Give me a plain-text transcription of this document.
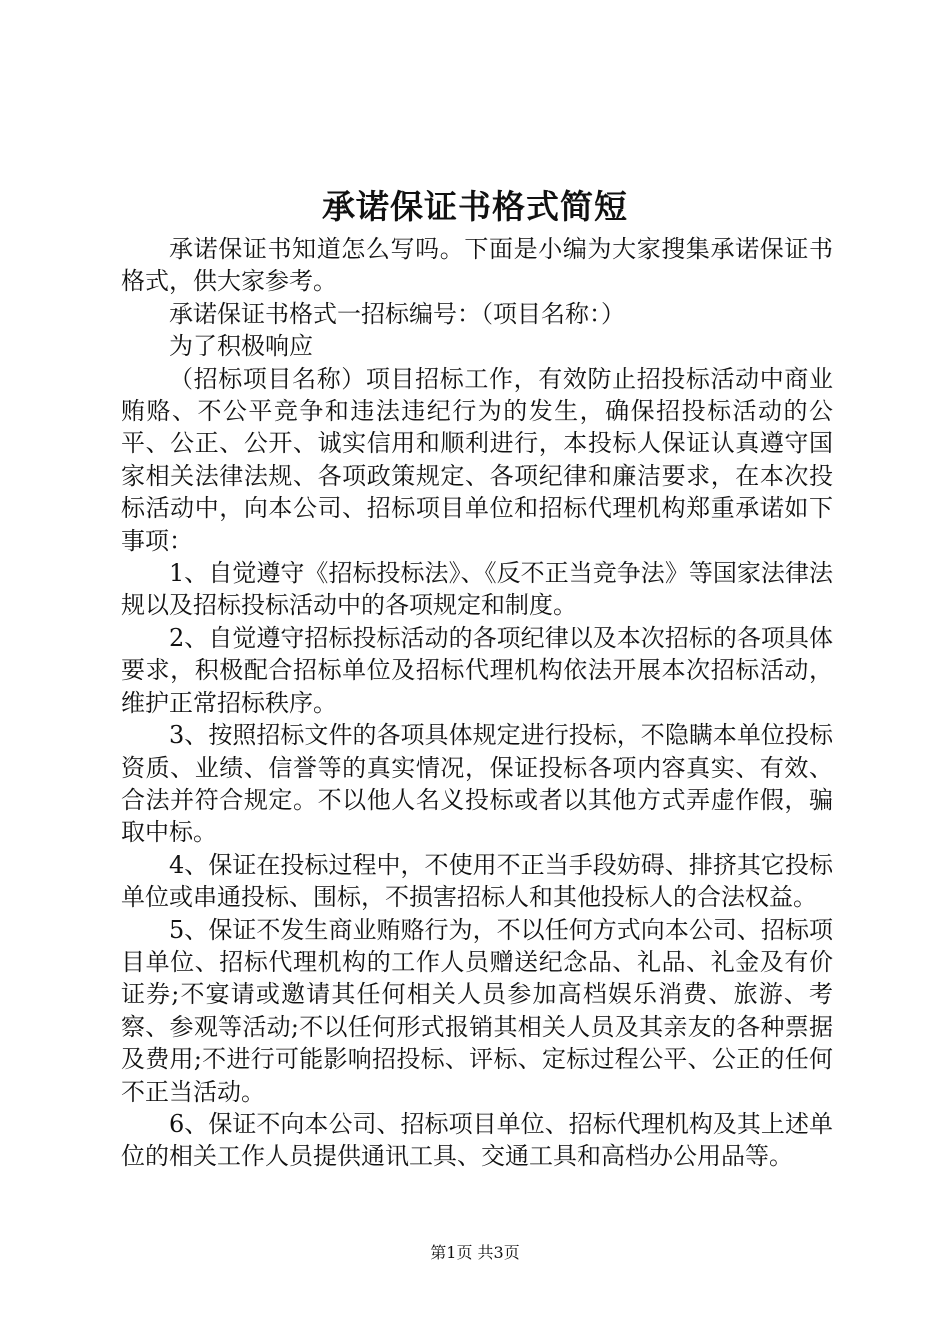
承诺保证书格式简短

承诺保证书知道怎么写吗。下面是小编为大家搜集承诺保证书格式，供大家参考。

承诺保证书格式一招标编号：（项目名称：）

为了积极响应

（招标项目名称）项目招标工作，有效防止招投标活动中商业贿赂、不公平竞争和违法违纪行为的发生，确保招投标活动的公平、公正、公开、诚实信用和顺利进行，本投标人保证认真遵守国家相关法律法规、各项政策规定、各项纪律和廉洁要求，在本次投标活动中，向本公司、招标项目单位和招标代理机构郑重承诺如下事项：

1、自觉遵守《招标投标法》、《反不正当竞争法》等国家法律法规以及招标投标活动中的各项规定和制度。

2、自觉遵守招标投标活动的各项纪律以及本次招标的各项具体要求，积极配合招标单位及招标代理机构依法开展本次招标活动，维护正常招标秩序。

3、按照招标文件的各项具体规定进行投标，不隐瞒本单位投标资质、业绩、信誉等的真实情况，保证投标各项内容真实、有效、合法并符合规定。不以他人名义投标或者以其他方式弄虚作假，骗取中标。

4、保证在投标过程中，不使用不正当手段妨碍、排挤其它投标单位或串通投标、围标，不损害招标人和其他投标人的合法权益。

5、保证不发生商业贿赂行为，不以任何方式向本公司、招标项目单位、招标代理机构的工作人员赠送纪念品、礼品、礼金及有价证券;不宴请或邀请其任何相关人员参加高档娱乐消费、旅游、考察、参观等活动;不以任何形式报销其相关人员及其亲友的各种票据及费用;不进行可能影响招投标、评标、定标过程公平、公正的任何不正当活动。

6、保证不向本公司、招标项目单位、招标代理机构及其上述单位的相关工作人员提供通讯工具、交通工具和高档办公用品等。

第1页 共3页
